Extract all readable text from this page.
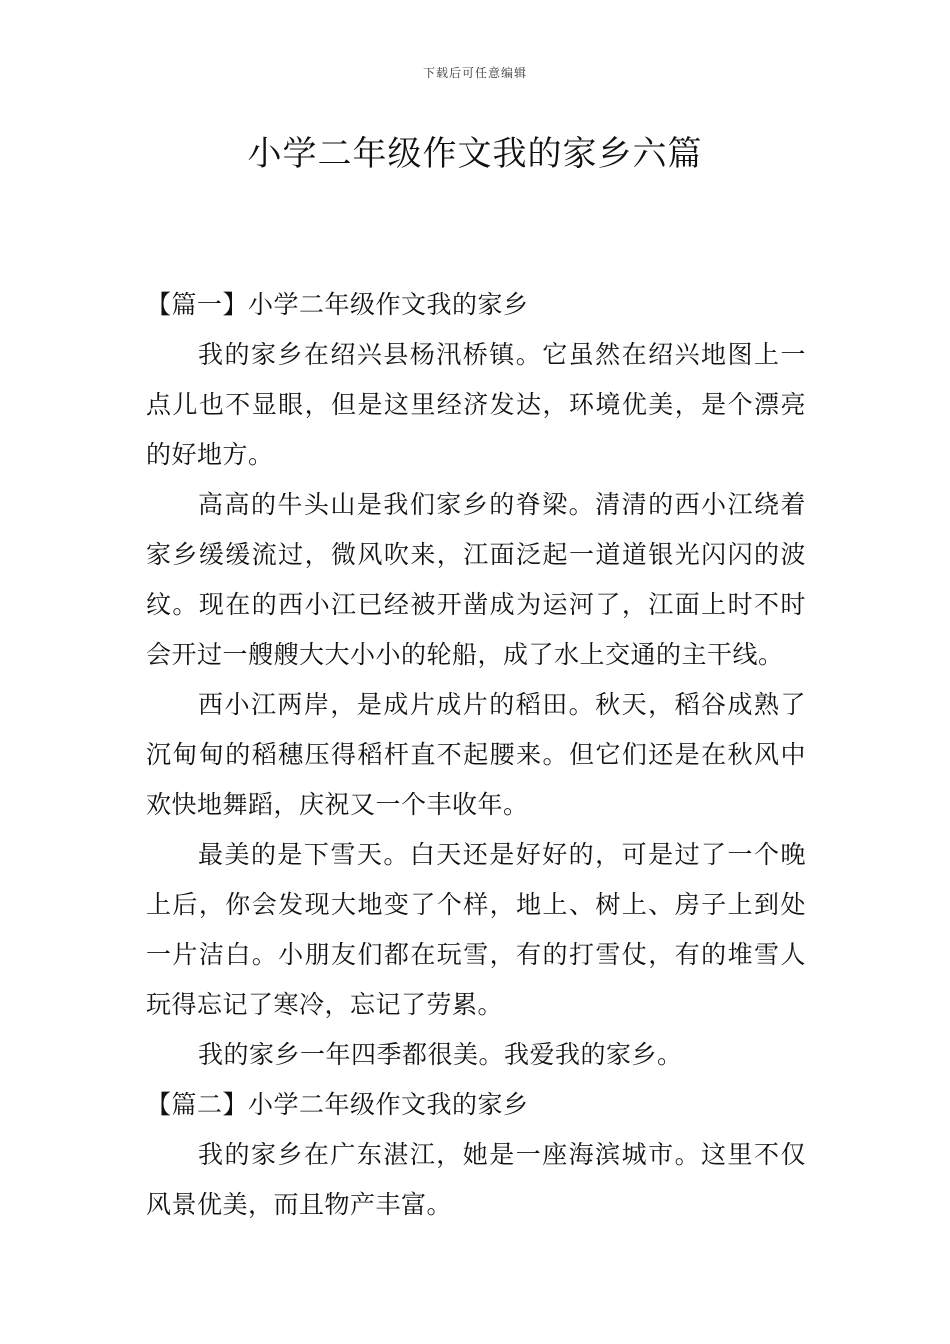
下载后可任意编辑
小学二年级作文我的家乡六篇

【篇一】小学二年级作文我的家乡

我的家乡在绍兴县杨汛桥镇。它虽然在绍兴地图上一点儿也不显眼，但是这里经济发达，环境优美，是个漂亮的好地方。

高高的牛头山是我们家乡的脊梁。清清的西小江绕着家乡缓缓流过，微风吹来，江面泛起一道道银光闪闪的波纹。现在的西小江已经被开凿成为运河了，江面上时不时会开过一艘艘大大小小的轮船，成了水上交通的主干线。

西小江两岸，是成片成片的稻田。秋天，稻谷成熟了沉甸甸的稻穗压得稻杆直不起腰来。但它们还是在秋风中欢快地舞蹈，庆祝又一个丰收年。

最美的是下雪天。白天还是好好的，可是过了一个晚上后，你会发现大地变了个样，地上、树上、房子上到处一片洁白。小朋友们都在玩雪，有的打雪仗，有的堆雪人玩得忘记了寒冷，忘记了劳累。

我的家乡一年四季都很美。我爱我的家乡。

【篇二】小学二年级作文我的家乡

我的家乡在广东湛江，她是一座海滨城市。这里不仅风景优美，而且物产丰富。
